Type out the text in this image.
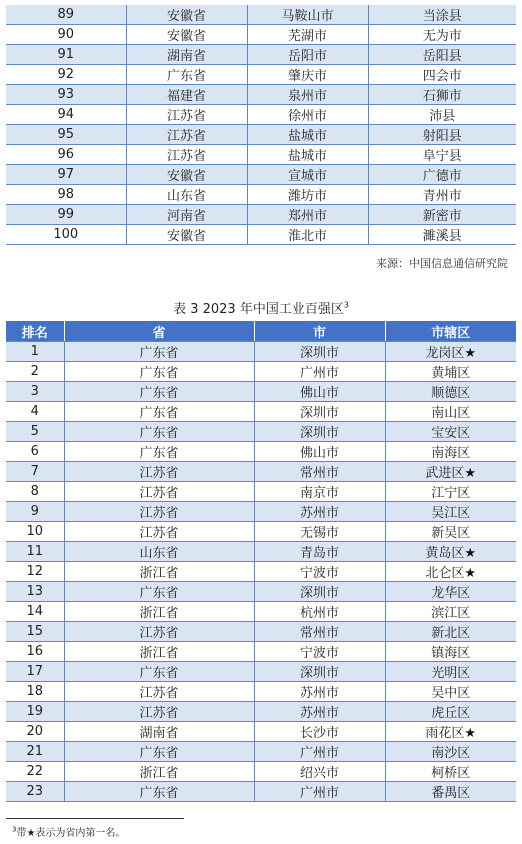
89	安徽省	马鞍山市	当涂县
90	安徽省	芜湖市	无为市
91	湖南省	岳阳市	岳阳县
92	广东省	肇庆市	四会市
93	福建省	泉州市	石狮市
94	江苏省	徐州市	沛县
95	江苏省	盐城市	射阳县
96	江苏省	盐城市	阜宁县
97	安徽省	宣城市	广德市
98	山东省	潍坊市	青州市
99	河南省	郑州市	新密市
100	安徽省	淮北市	濉溪县
来源：中国信息通信研究院
表 3 2023 年中国工业百强区$^3$
排名	省	市	市辖区
1	广东省	深圳市	龙岗区★
2	广东省	广州市	黄埔区
3	广东省	佛山市	顺德区
4	广东省	深圳市	南山区
5	广东省	深圳市	宝安区
6	广东省	佛山市	南海区
7	江苏省	常州市	武进区★
8	江苏省	南京市	江宁区
9	江苏省	苏州市	吴江区
10	江苏省	无锡市	新吴区
11	山东省	青岛市	黄岛区★
12	浙江省	宁波市	北仑区★
13	广东省	深圳市	龙华区
14	浙江省	杭州市	滨江区
15	江苏省	常州市	新北区
16	浙江省	宁波市	镇海区
17	广东省	深圳市	光明区
18	江苏省	苏州市	吴中区
19	江苏省	苏州市	虎丘区
20	湖南省	长沙市	雨花区★
21	广东省	广州市	南沙区
22	浙江省	绍兴市	柯桥区
23	广东省	广州市	番禺区
$^3$带★表示为省内第一名。
